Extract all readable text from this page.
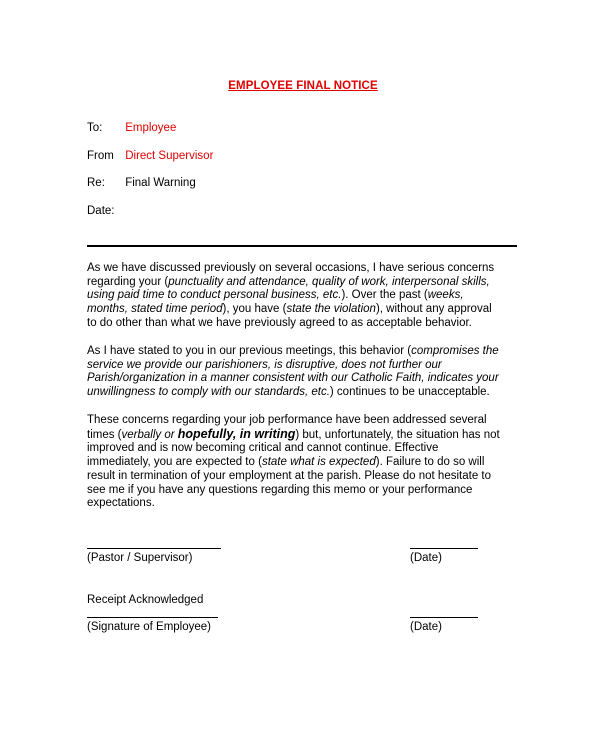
EMPLOYEE FINAL NOTICE
To: Employee
From Direct Supervisor
Re: Final Warning
Date:
As we have discussed previously on several occasions, I have serious concerns
regarding your (punctuality and attendance, quality of work, interpersonal skills,
using paid time to conduct personal business, etc.). Over the past (weeks,
months, stated time period), you have (state the violation), without any approval
to do other than what we have previously agreed to as acceptable behavior.
As I have stated to you in our previous meetings, this behavior (compromises the
service we provide our parishioners, is disruptive, does not further our
Parish/organization in a manner consistent with our Catholic Faith, indicates your
unwillingness to comply with our standards, etc.) continues to be unacceptable.
These concerns regarding your job performance have been addressed several
times (verbally or hopefully, in writing) but, unfortunately, the situation has not
improved and is now becoming critical and cannot continue. Effective
immediately, you are expected to (state what is expected). Failure to do so will
result in termination of your employment at the parish. Please do not hesitate to
see me if you have any questions regarding this memo or your performance
expectations.
(Pastor / Supervisor)	(Date)
Receipt Acknowledged
(Signature of Employee)	(Date)
